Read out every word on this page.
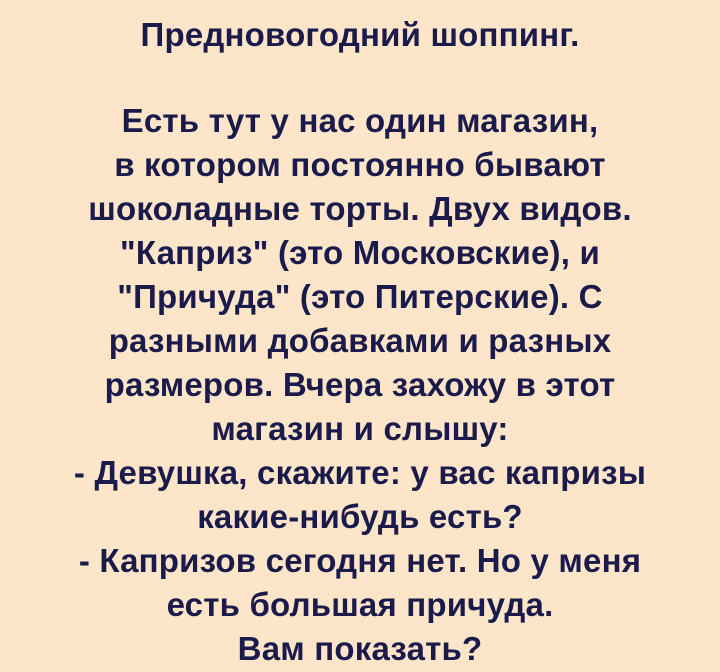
Предновогодний шоппинг.
Есть тут у нас один магазин,
в котором постоянно бывают
шоколадные торты. Двух видов.
"Каприз" (это Московские), и
"Причуда" (это Питерские). С
разными добавками и разных
размеров. Вчера захожу в этот
магазин и слышу:
- Девушка, скажите: у вас капризы
какие-нибудь есть?
- Капризов сегодня нет. Но у меня
есть большая причуда.
Вам показать?
